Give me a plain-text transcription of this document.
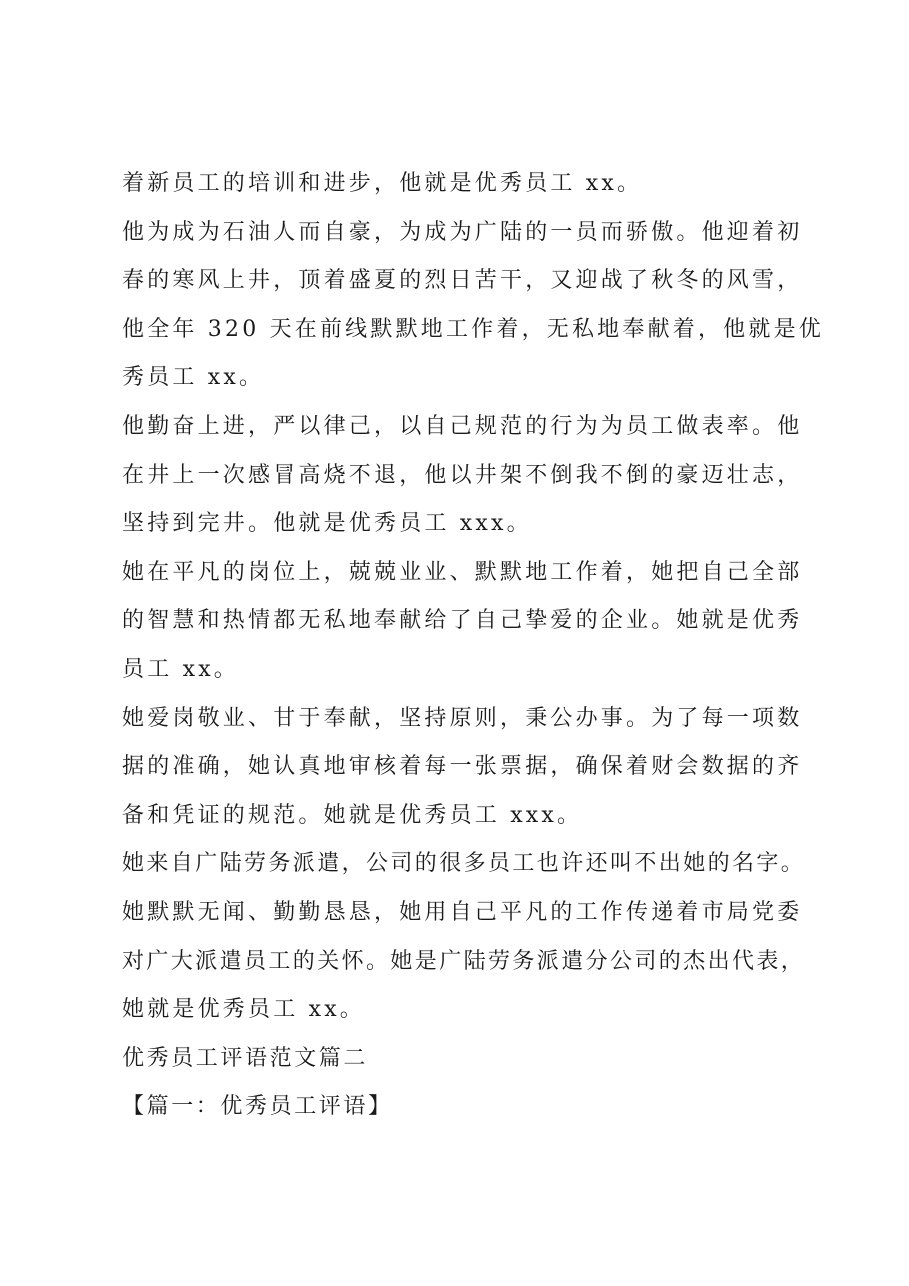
着新员工的培训和进步，他就是优秀员工 xx。
他为成为石油人而自豪，为成为广陆的一员而骄傲。他迎着初
春的寒风上井，顶着盛夏的烈日苦干，又迎战了秋冬的风雪，
他全年 320 天在前线默默地工作着，无私地奉献着，他就是优
秀员工 xx。
他勤奋上进，严以律己，以自己规范的行为为员工做表率。他
在井上一次感冒高烧不退，他以井架不倒我不倒的豪迈壮志，
坚持到完井。他就是优秀员工 xxx。
她在平凡的岗位上，兢兢业业、默默地工作着，她把自己全部
的智慧和热情都无私地奉献给了自己挚爱的企业。她就是优秀
员工 xx。
她爱岗敬业、甘于奉献，坚持原则，秉公办事。为了每一项数
据的准确，她认真地审核着每一张票据，确保着财会数据的齐
备和凭证的规范。她就是优秀员工 xxx。
她来自广陆劳务派遣，公司的很多员工也许还叫不出她的名字。
她默默无闻、勤勤恳恳，她用自己平凡的工作传递着市局党委
对广大派遣员工的关怀。她是广陆劳务派遣分公司的杰出代表，
她就是优秀员工 xx。
优秀员工评语范文篇二
【篇一：优秀员工评语】
